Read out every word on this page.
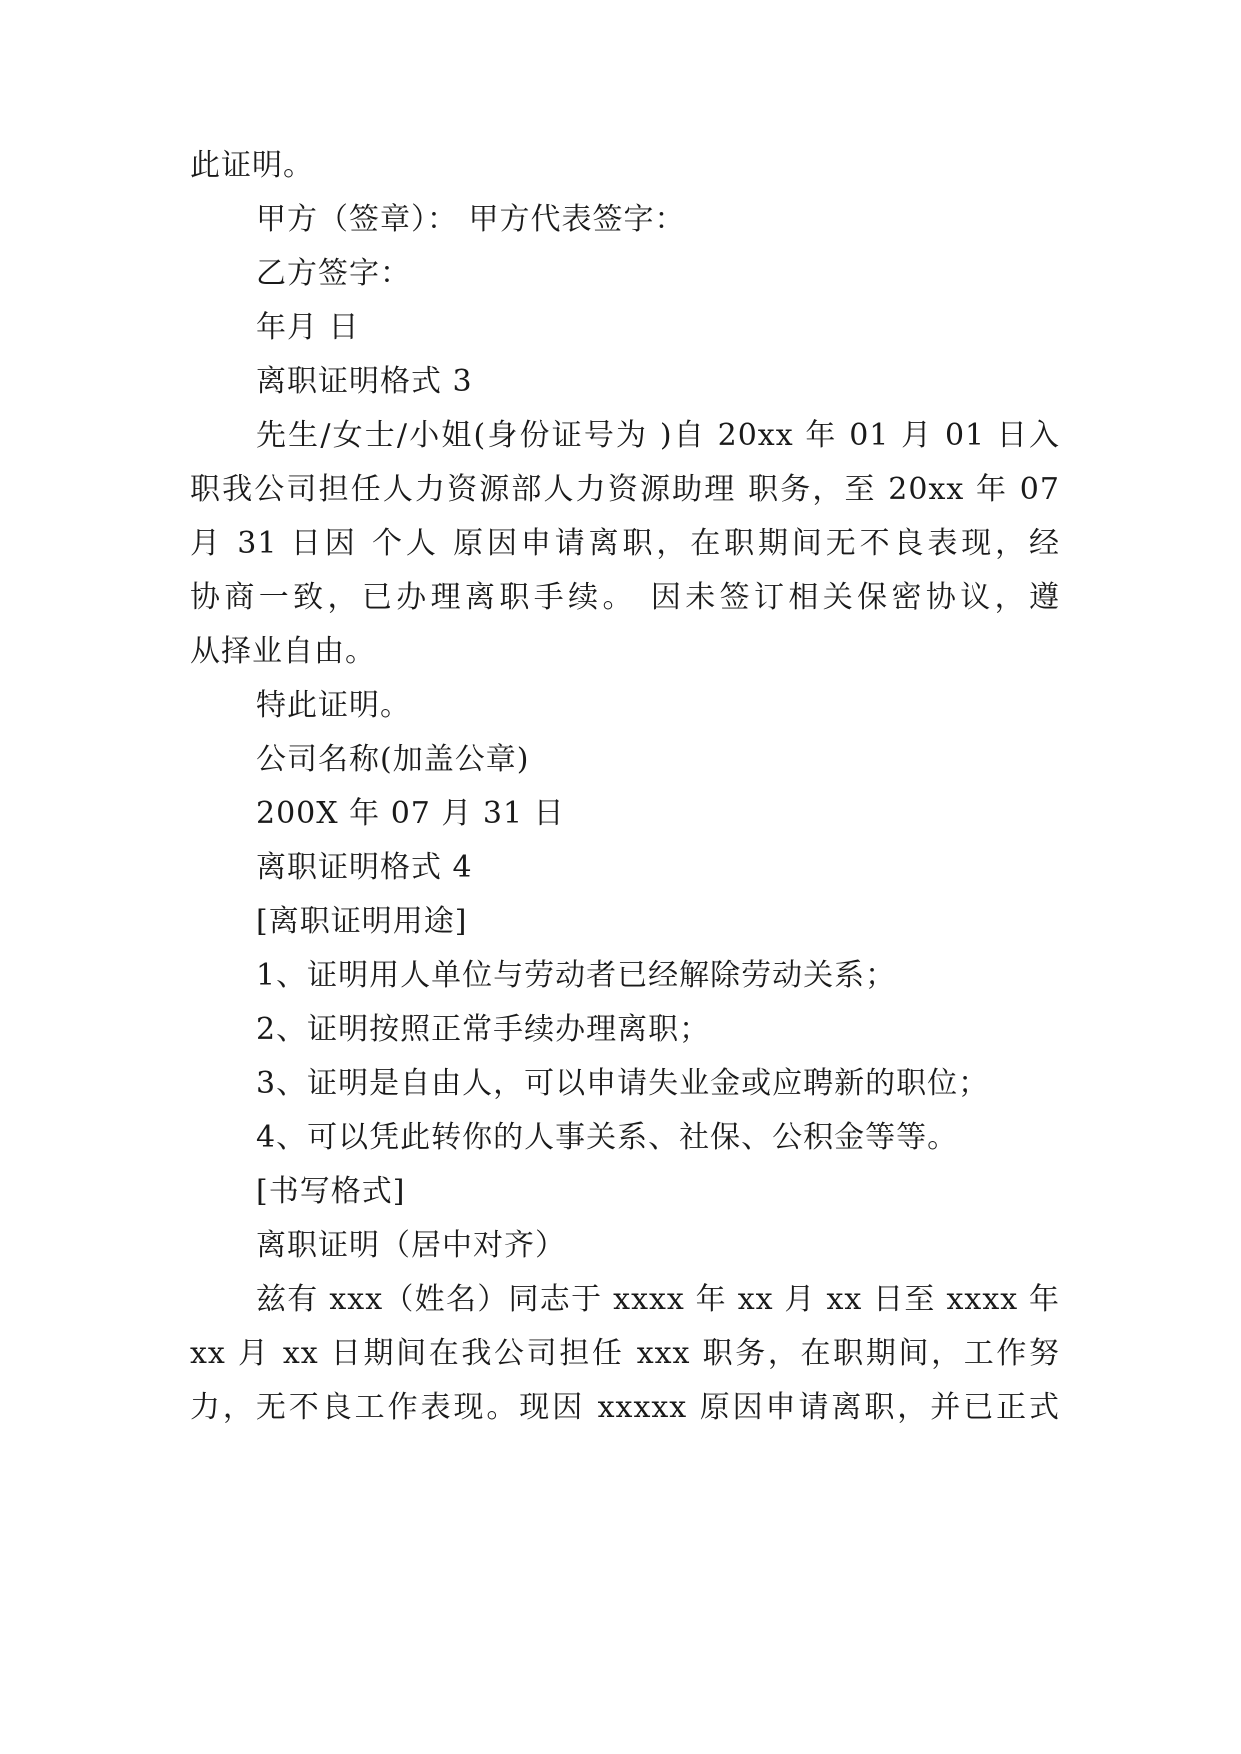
此证明。
甲方（签章）： 甲方代表签字：
乙方签字：
年月 日
离职证明格式 3
先生/女士/小姐(身份证号为 )自 20xx 年 01 月 01 日入
职我公司担任人力资源部人力资源助理 职务，至 20xx 年 07
月 31 日因 个人 原因申请离职，在职期间无不良表现，经
协商一致，已办理离职手续。 因未签订相关保密协议，遵
从择业自由。
特此证明。
公司名称(加盖公章)
200X 年 07 月 31 日
离职证明格式 4
[离职证明用途]
1、证明用人单位与劳动者已经解除劳动关系；
2、证明按照正常手续办理离职；
3、证明是自由人，可以申请失业金或应聘新的职位；
4、可以凭此转你的人事关系、社保、公积金等等。
[书写格式]
离职证明（居中对齐）
兹有 xxx（姓名）同志于 xxxx 年 xx 月 xx 日至 xxxx 年
xx 月 xx 日期间在我公司担任 xxx 职务，在职期间，工作努
力，无不良工作表现。现因 xxxxx 原因申请离职，并已正式
